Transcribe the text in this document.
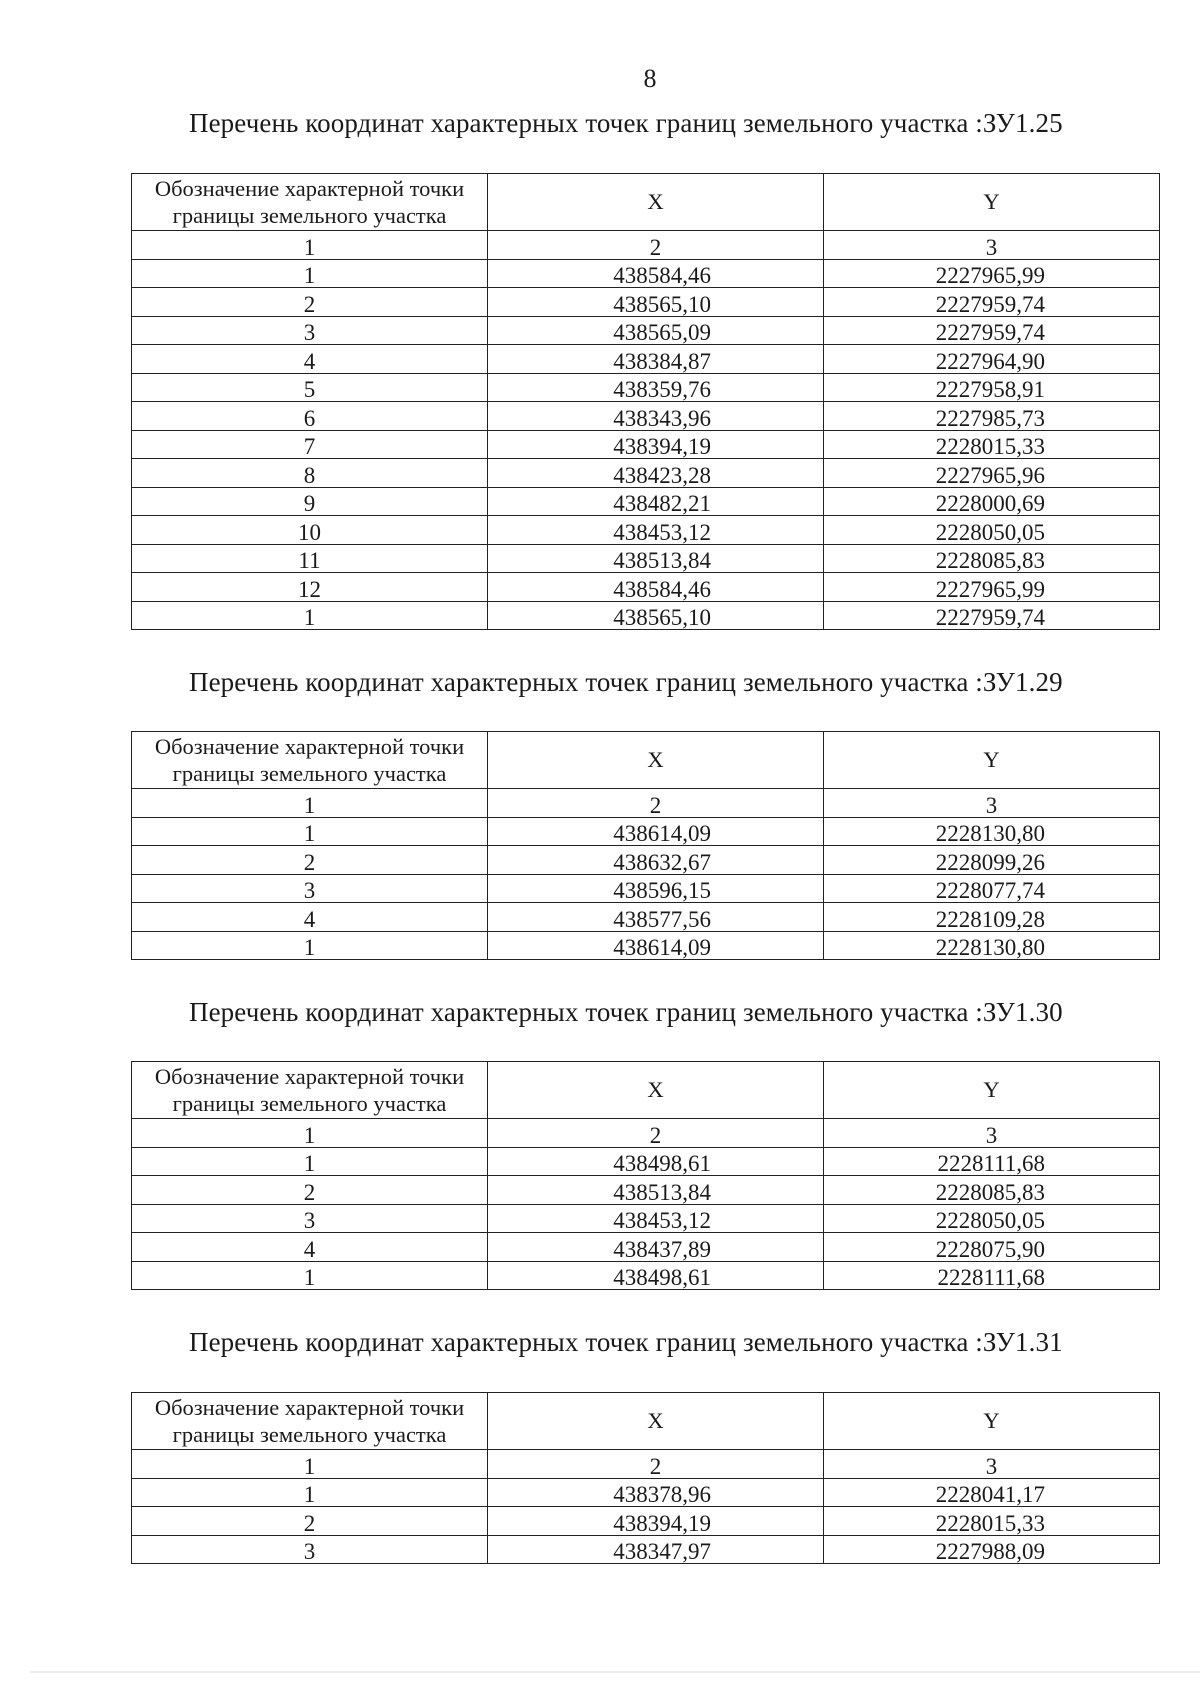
8
Перечень координат характерных точек границ земельного участка :ЗУ1.25
Обозначение характерной точки границы земельного участка	X	Y
1	2	3
1	438584,46	2227965,99
2	438565,10	2227959,74
3	438565,09	2227959,74
4	438384,87	2227964,90
5	438359,76	2227958,91
6	438343,96	2227985,73
7	438394,19	2228015,33
8	438423,28	2227965,96
9	438482,21	2228000,69
10	438453,12	2228050,05
11	438513,84	2228085,83
12	438584,46	2227965,99
1	438565,10	2227959,74
Перечень координат характерных точек границ земельного участка :ЗУ1.29
Обозначение характерной точки границы земельного участка	X	Y
1	2	3
1	438614,09	2228130,80
2	438632,67	2228099,26
3	438596,15	2228077,74
4	438577,56	2228109,28
1	438614,09	2228130,80
Перечень координат характерных точек границ земельного участка :ЗУ1.30
Обозначение характерной точки границы земельного участка	X	Y
1	2	3
1	438498,61	2228111,68
2	438513,84	2228085,83
3	438453,12	2228050,05
4	438437,89	2228075,90
1	438498,61	2228111,68
Перечень координат характерных точек границ земельного участка :ЗУ1.31
Обозначение характерной точки границы земельного участка	X	Y
1	2	3
1	438378,96	2228041,17
2	438394,19	2228015,33
3	438347,97	2227988,09
